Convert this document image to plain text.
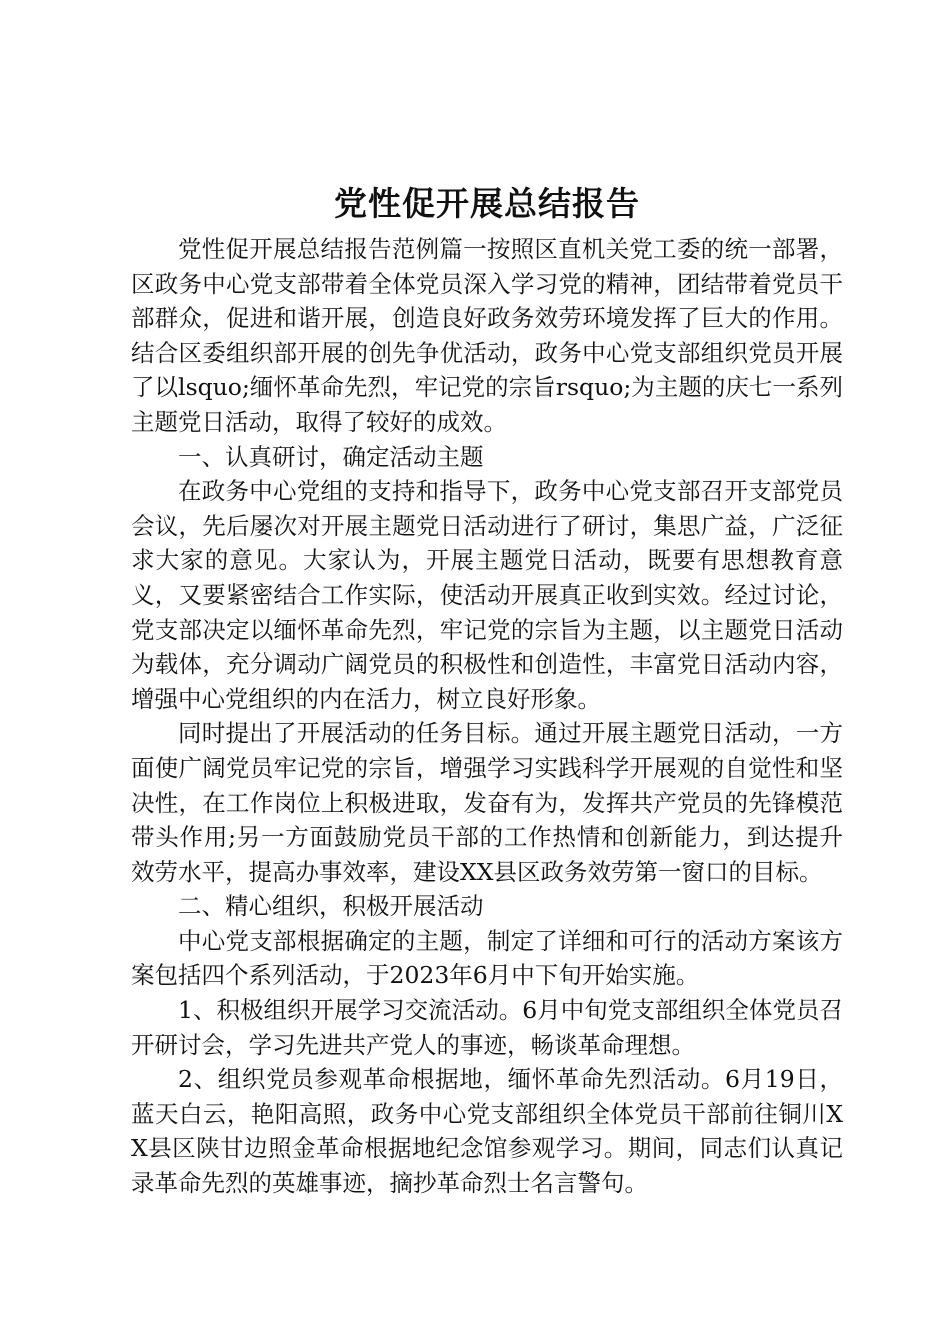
党性促开展总结报告

党性促开展总结报告范例篇一按照区直机关党工委的统一部署，区政务中心党支部带着全体党员深入学习党的精神，团结带着党员干部群众，促进和谐开展，创造良好政务效劳环境发挥了巨大的作用。结合区委组织部开展的创先争优活动，政务中心党支部组织党员开展了以lsquo;缅怀革命先烈，牢记党的宗旨rsquo;为主题的庆七一系列主题党日活动，取得了较好的成效。

一、认真研讨，确定活动主题

在政务中心党组的支持和指导下，政务中心党支部召开支部党员会议，先后屡次对开展主题党日活动进行了研讨，集思广益，广泛征求大家的意见。大家认为，开展主题党日活动，既要有思想教育意义，又要紧密结合工作实际，使活动开展真正收到实效。经过讨论，党支部决定以缅怀革命先烈，牢记党的宗旨为主题，以主题党日活动为载体，充分调动广阔党员的积极性和创造性，丰富党日活动内容，增强中心党组织的内在活力，树立良好形象。

同时提出了开展活动的任务目标。通过开展主题党日活动，一方面使广阔党员牢记党的宗旨，增强学习实践科学开展观的自觉性和坚决性，在工作岗位上积极进取，发奋有为，发挥共产党员的先锋模范带头作用;另一方面鼓励党员干部的工作热情和创新能力，到达提升效劳水平，提高办事效率，建设XX县区政务效劳第一窗口的目标。

二、精心组织，积极开展活动

中心党支部根据确定的主题，制定了详细和可行的活动方案该方案包括四个系列活动，于2023年6月中下旬开始实施。

1、积极组织开展学习交流活动。6月中旬党支部组织全体党员召开研讨会，学习先进共产党人的事迹，畅谈革命理想。

2、组织党员参观革命根据地，缅怀革命先烈活动。6月19日，蓝天白云，艳阳高照，政务中心党支部组织全体党员干部前往铜川XX县区陕甘边照金革命根据地纪念馆参观学习。期间，同志们认真记录革命先烈的英雄事迹，摘抄革命烈士名言警句。
